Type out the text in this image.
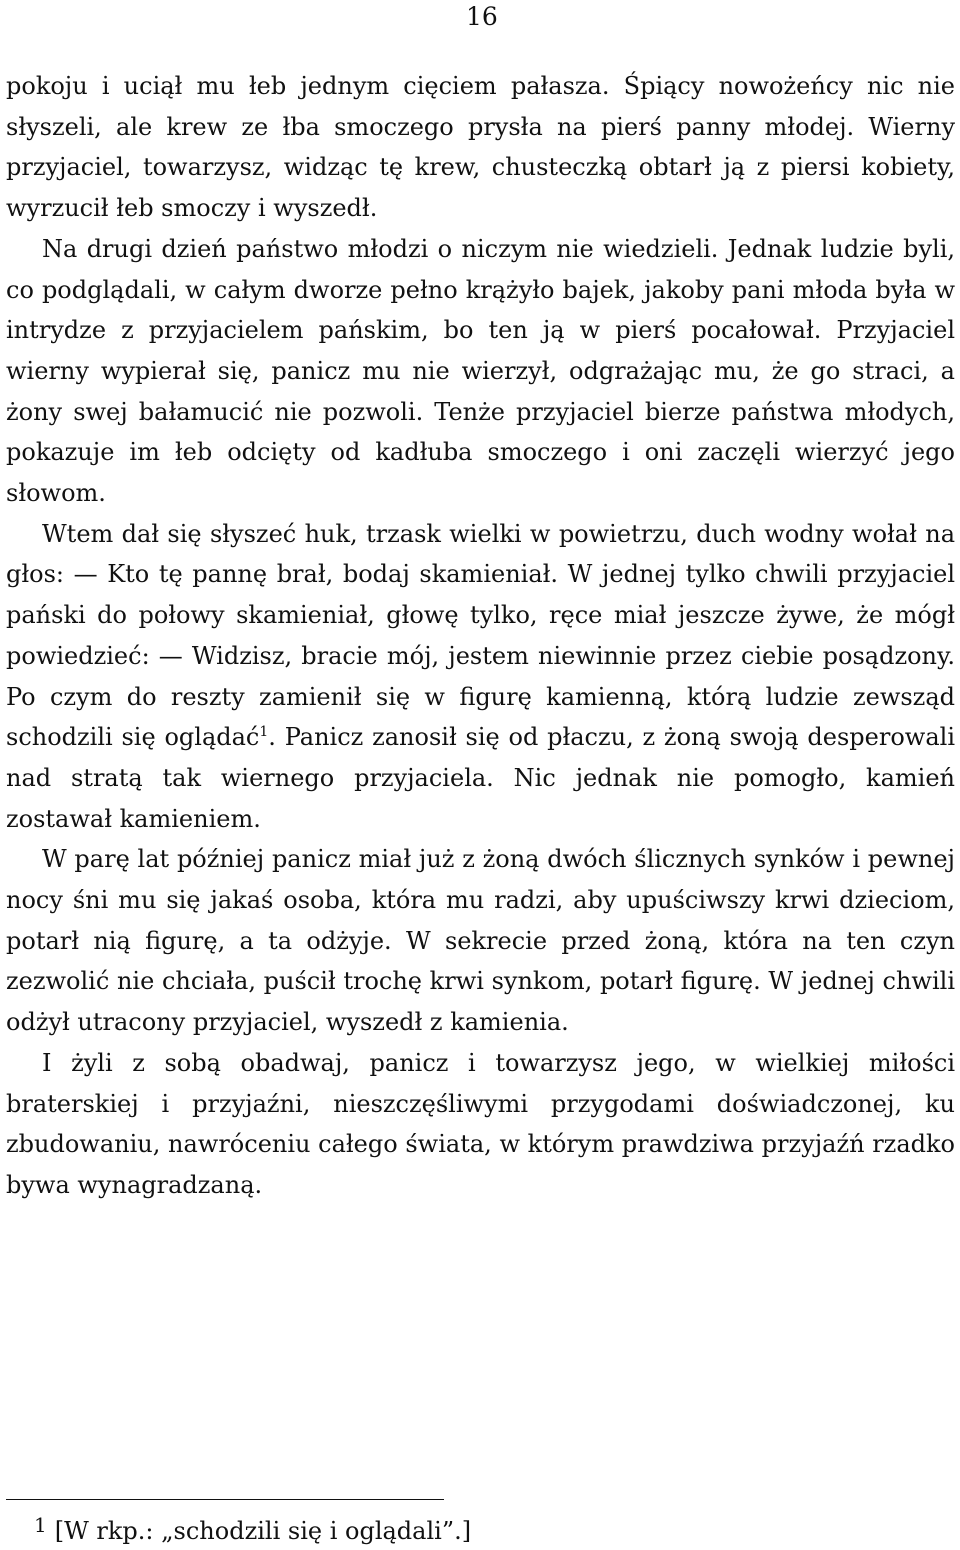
16

pokoju i uciął mu łeb jednym cięciem pałasza. Śpiący nowożeńcy nic nie słyszeli, ale krew ze łba smoczego prysła na pierś panny młodej. Wierny przyjaciel, towarzysz, widząc tę krew, chusteczką obtarł ją z piersi kobiety, wyrzucił łeb smoczy i wyszedł.

Na drugi dzień państwo młodzi o niczym nie wiedzieli. Jednak ludzie byli, co podglądali, w całym dworze pełno krążyło bajek, jakoby pani młoda była w intrydze z przyjacielem pańskim, bo ten ją w pierś pocałował. Przyjaciel wierny wypierał się, panicz mu nie wierzył, odgrażając mu, że go straci, a żony swej bałamucić nie pozwoli. Tenże przyjaciel bierze państwa młodych, pokazuje im łeb odcięty od kadłuba smoczego i oni zaczęli wierzyć jego słowom.

Wtem dał się słyszeć huk, trzask wielki w powietrzu, duch wodny wołał na głos: — Kto tę pannę brał, bodaj skamieniał. W jednej tylko chwili przyjaciel pański do połowy skamieniał, głowę tylko, ręce miał jeszcze żywe, że mógł powiedzieć: — Widzisz, bracie mój, jestem niewinnie przez ciebie posądzony. Po czym do reszty zamienił się w figurę kamienną, którą ludzie zewsząd schodzili się oglądać$^1$. Panicz zanosił się od płaczu, z żoną swoją desperowali nad stratą tak wiernego przyjaciela. Nic jednak nie pomogło, kamień zostawał kamieniem.

W parę lat później panicz miał już z żoną dwóch ślicznych synków i pewnej nocy śni mu się jakaś osoba, która mu radzi, aby upuściwszy krwi dzieciom, potarł nią figurę, a ta odżyje. W sekrecie przed żoną, która na ten czyn zezwolić nie chciała, puścił trochę krwi synkom, potarł figurę. W jednej chwili odżył utracony przyjaciel, wyszedł z kamienia.

I żyli z sobą obadwaj, panicz i towarzysz jego, w wielkiej miłości braterskiej i przyjaźni, nieszczęśliwymi przygodami doświadczonej, ku zbudowaniu, nawróceniu całego świata, w którym prawdziwa przyjaźń rzadko bywa wynagradzaną.

$^1$ [W rkp.: „schodzili się i oglądali”.]
